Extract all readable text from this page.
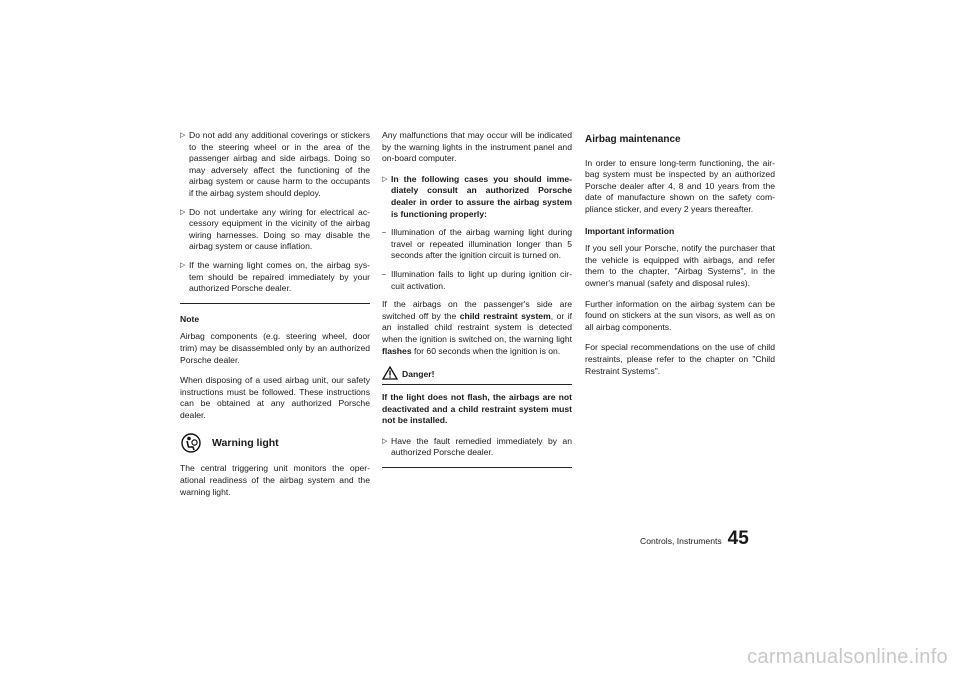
▷ Do not add any additional coverings or stickers to the steering wheel or in the area of the passenger airbag and side airbags. Doing so may adversely affect the functioning of the airbag system or cause harm to the occupants if the airbag system should deploy.
▷ Do not undertake any wiring for electrical accessory equipment in the vicinity of the airbag wiring harnesses. Doing so may disable the airbag system or cause inflation.
▷ If the warning light comes on, the airbag system should be repaired immediately by your authorized Porsche dealer.
Note

Airbag components (e.g. steering wheel, door trim) may be disassembled only by an authorized Porsche dealer.

When disposing of a used airbag unit, our safety instructions must be followed. These instructions can be obtained at any authorized Porsche dealer.

Warning light

The central triggering unit monitors the operational readiness of the airbag system and the warning light.

Any malfunctions that may occur will be indicated by the warning lights in the instrument panel and on-board computer.

▷ In the following cases you should immediately consult an authorized Porsche dealer in order to assure the airbag system is functioning properly:
– Illumination of the airbag warning light during travel or repeated illumination longer than 5 seconds after the ignition circuit is turned on.
– Illumination fails to light up during ignition circuit activation.

If the airbags on the passenger's side are switched off by the child restraint system, or if an installed child restraint system is detected when the ignition is switched on, the warning light flashes for 60 seconds when the ignition is on.

Danger!

If the light does not flash, the airbags are not deactivated and a child restraint system must not be installed.

▷ Have the fault remedied immediately by an authorized Porsche dealer.
Airbag maintenance

In order to ensure long-term functioning, the airbag system must be inspected by an authorized Porsche dealer after 4, 8 and 10 years from the date of manufacture shown on the safety compliance sticker, and every 2 years thereafter.

Important information

If you sell your Porsche, notify the purchaser that the vehicle is equipped with airbags, and refer them to the chapter, "Airbag Systems", in the owner's manual (safety and disposal rules).

Further information on the airbag system can be found on stickers at the sun visors, as well as on all airbag components.

For special recommendations on the use of child restraints, please refer to the chapter on "Child Restraint Systems".

Controls, Instruments 45
carmanualsonline.info
